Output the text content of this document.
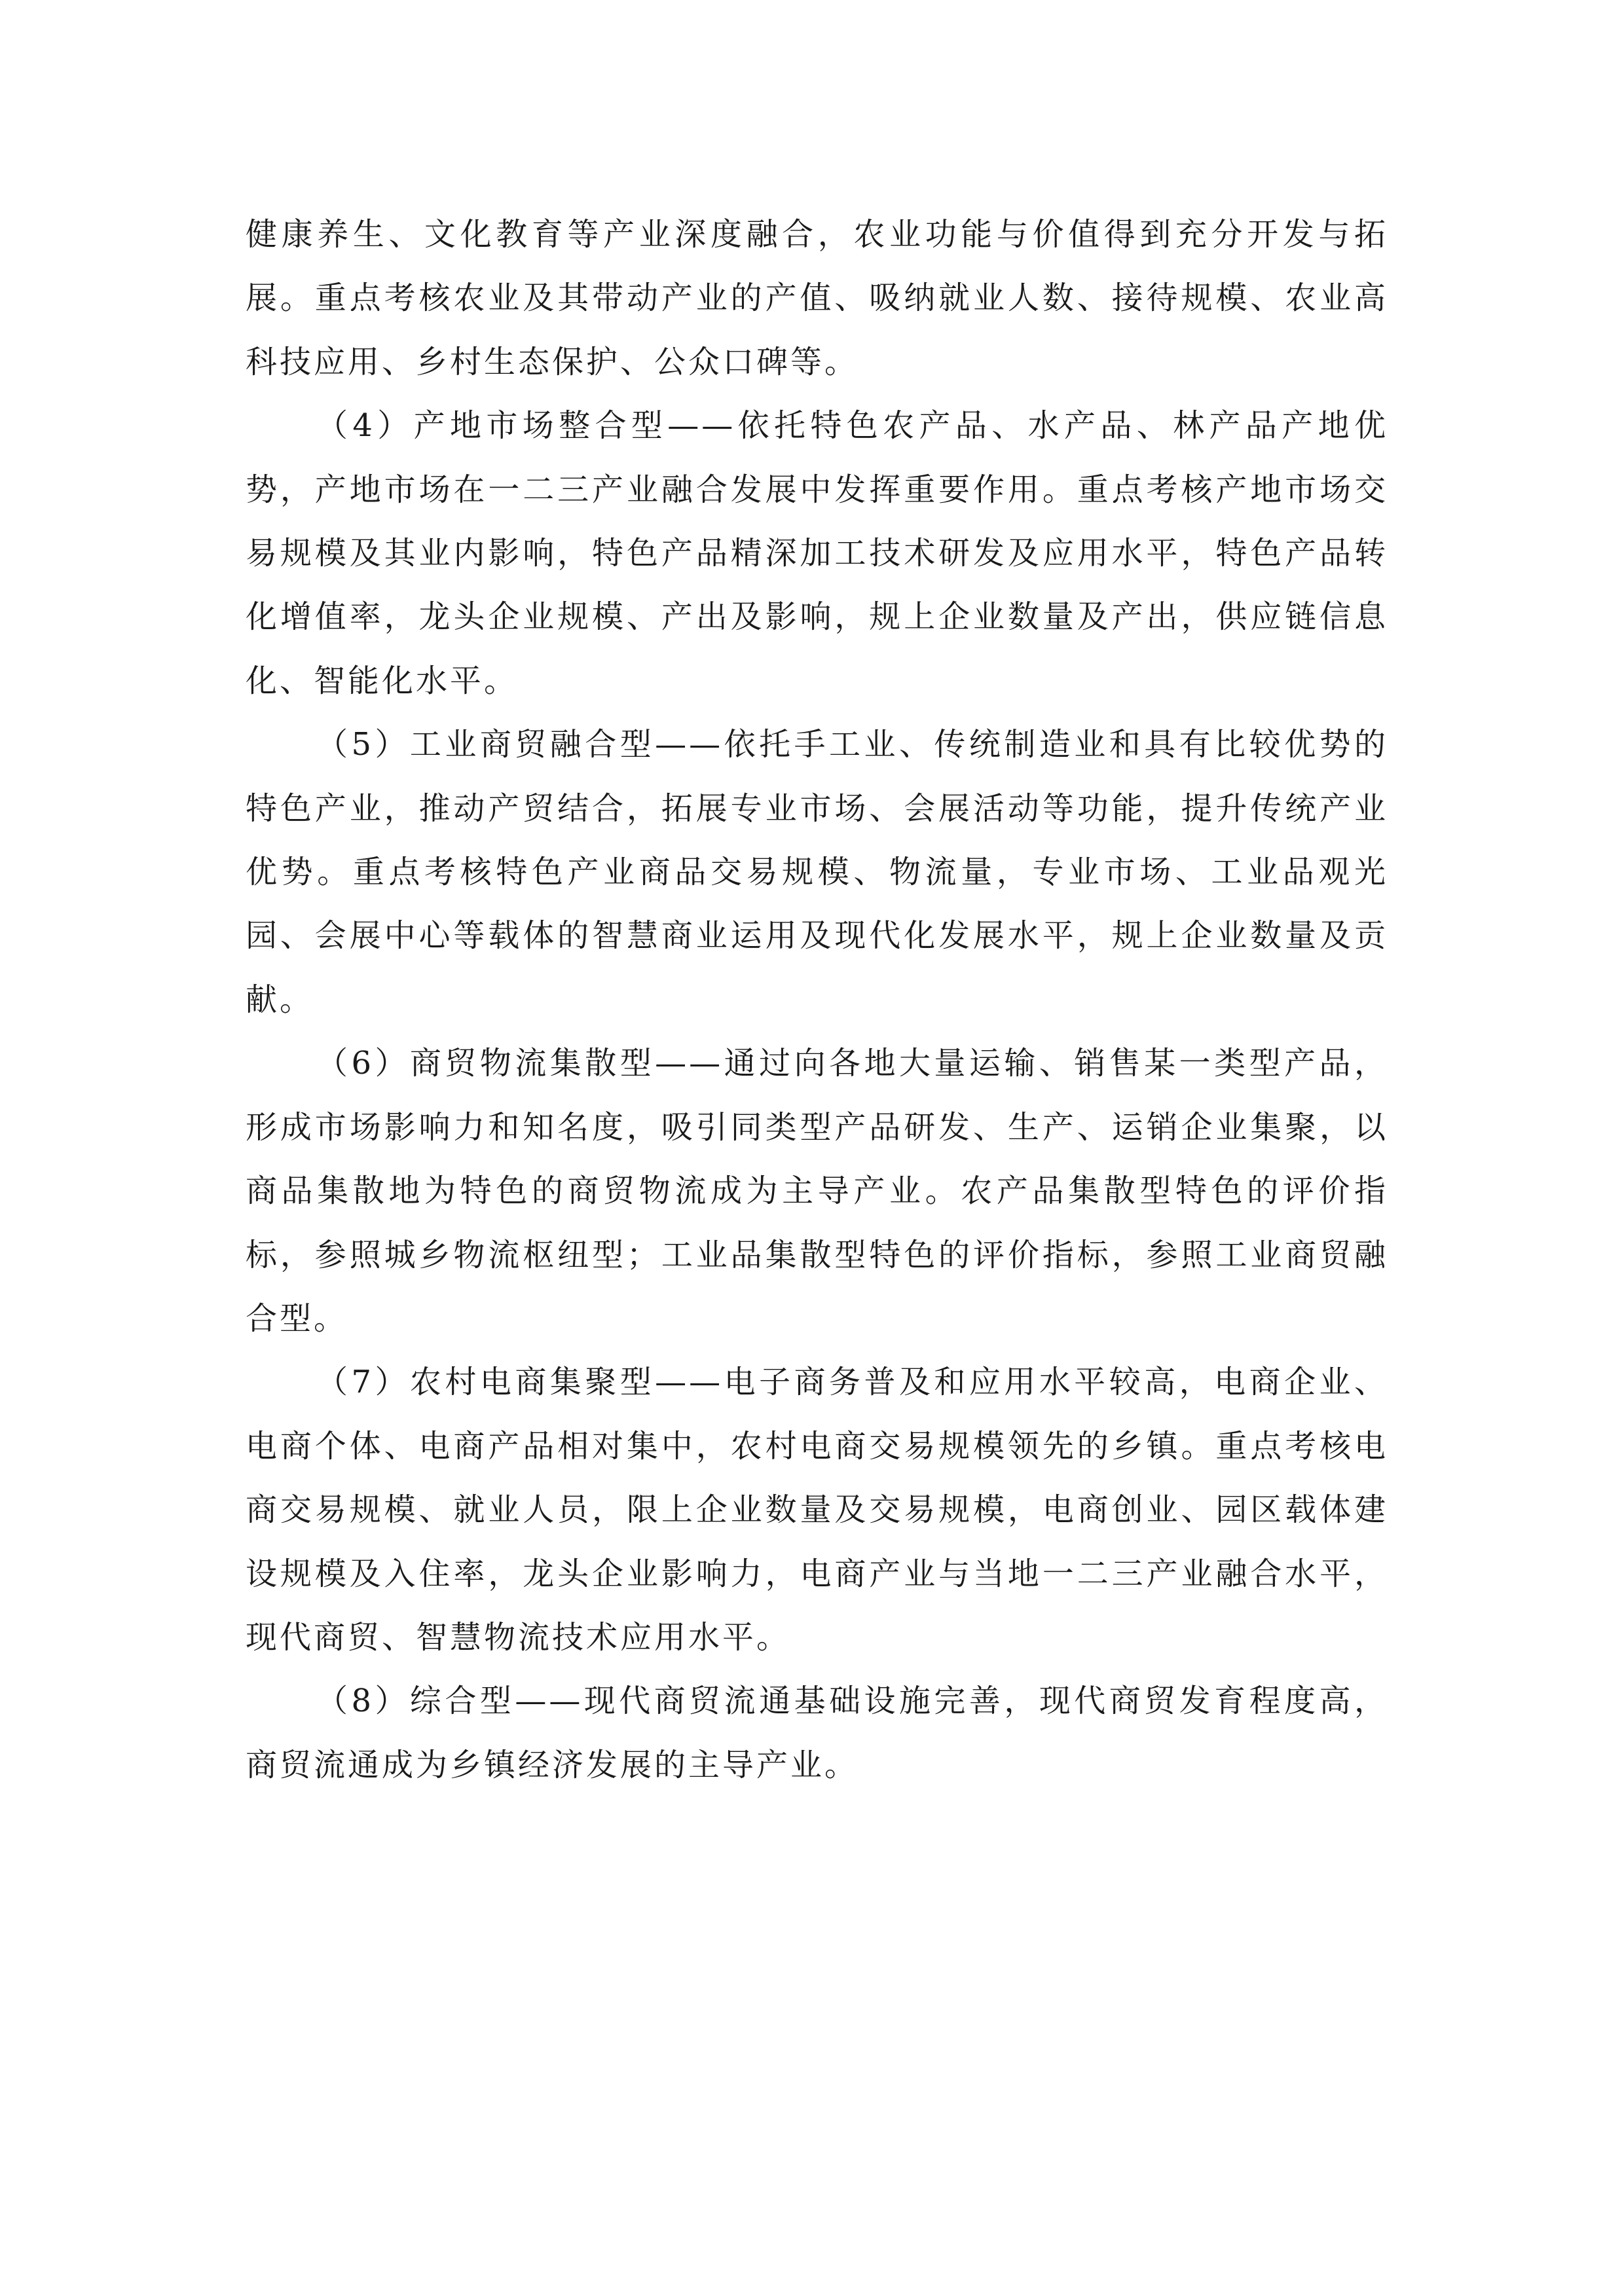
健康养生、文化教育等产业深度融合，农业功能与价值得到充分开发与拓展。重点考核农业及其带动产业的产值、吸纳就业人数、接待规模、农业高科技应用、乡村生态保护、公众口碑等。

（4）产地市场整合型——依托特色农产品、水产品、林产品产地优势，产地市场在一二三产业融合发展中发挥重要作用。重点考核产地市场交易规模及其业内影响，特色产品精深加工技术研发及应用水平，特色产品转化增值率，龙头企业规模、产出及影响，规上企业数量及产出，供应链信息化、智能化水平。

（5）工业商贸融合型——依托手工业、传统制造业和具有比较优势的特色产业，推动产贸结合，拓展专业市场、会展活动等功能，提升传统产业优势。重点考核特色产业商品交易规模、物流量，专业市场、工业品观光园、会展中心等载体的智慧商业运用及现代化发展水平，规上企业数量及贡献。

（6）商贸物流集散型——通过向各地大量运输、销售某一类型产品，形成市场影响力和知名度，吸引同类型产品研发、生产、运销企业集聚，以商品集散地为特色的商贸物流成为主导产业。农产品集散型特色的评价指标，参照城乡物流枢纽型；工业品集散型特色的评价指标，参照工业商贸融合型。

（7）农村电商集聚型——电子商务普及和应用水平较高，电商企业、电商个体、电商产品相对集中，农村电商交易规模领先的乡镇。重点考核电商交易规模、就业人员，限上企业数量及交易规模，电商创业、园区载体建设规模及入住率，龙头企业影响力，电商产业与当地一二三产业融合水平，现代商贸、智慧物流技术应用水平。

（8）综合型——现代商贸流通基础设施完善，现代商贸发育程度高，商贸流通成为乡镇经济发展的主导产业。
